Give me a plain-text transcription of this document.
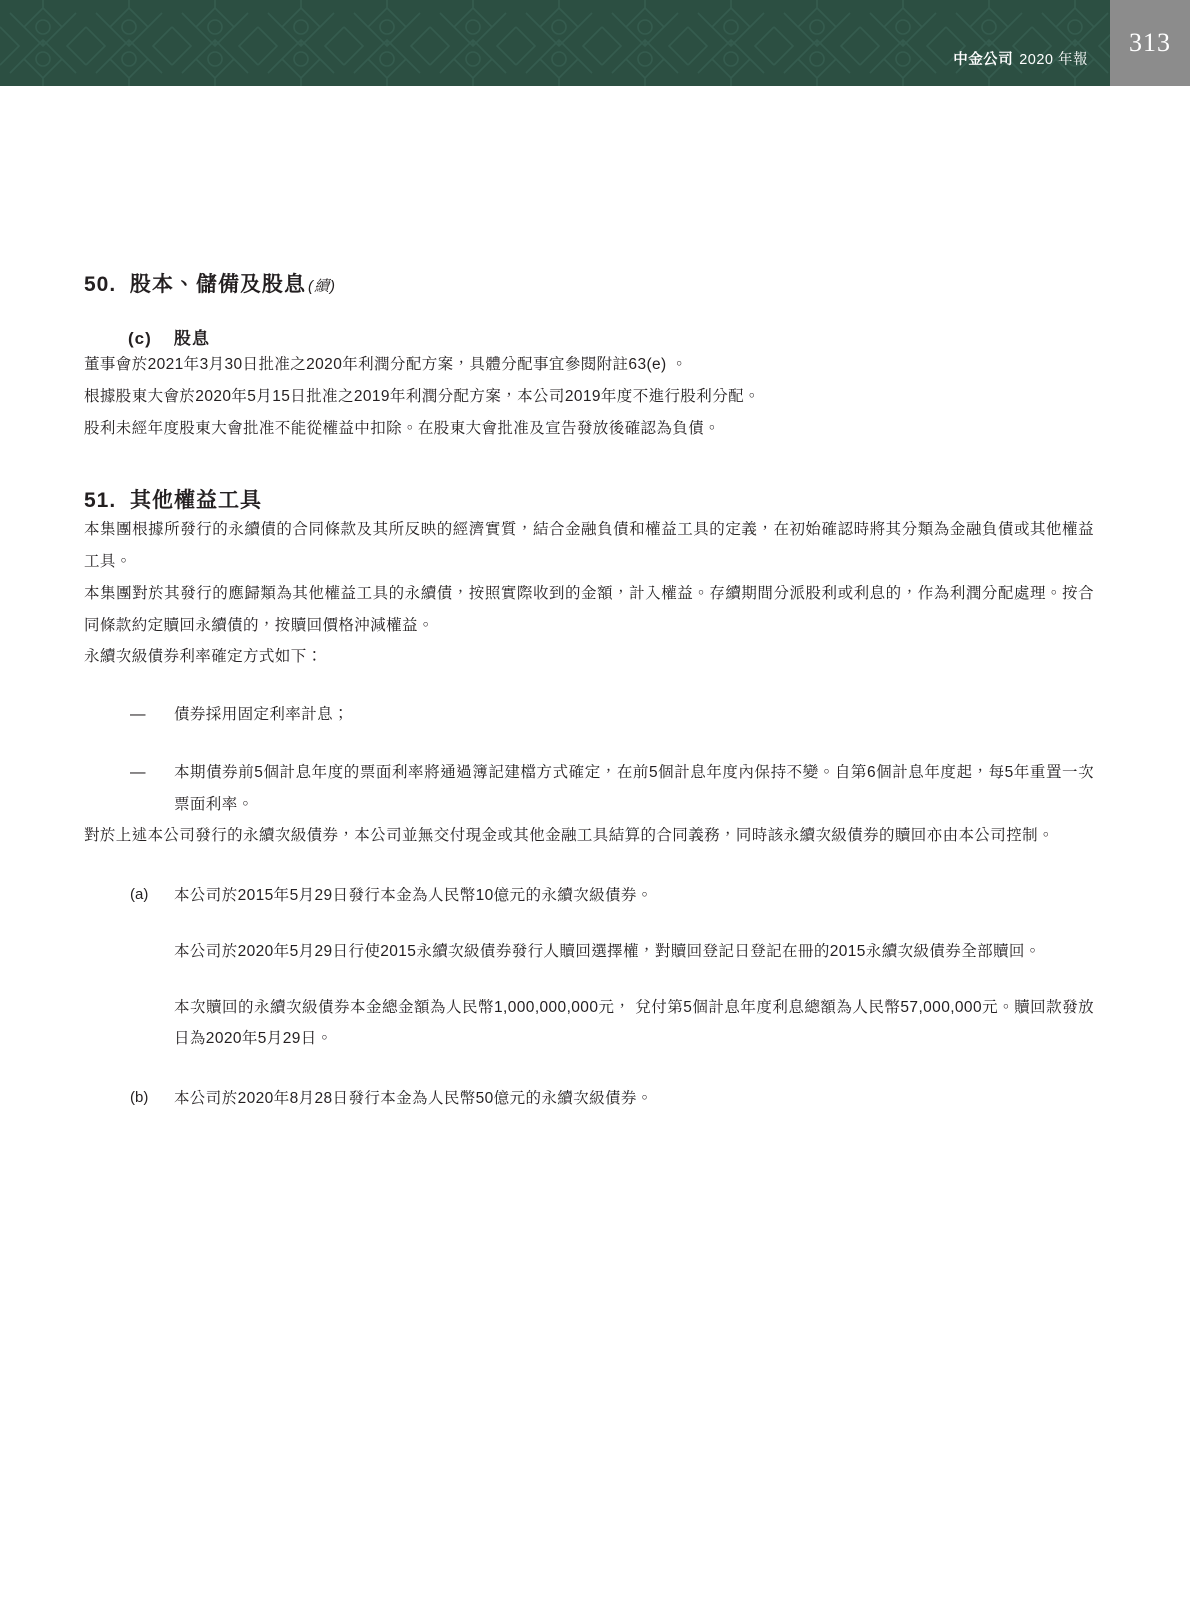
中金公司 2020 年報
313
50. 股本、儲備及股息 (續)
(c)	股息

董事會於2021年3月30日批准之2020年利潤分配方案，具體分配事宜參閱附註63(e) 。

根據股東大會於2020年5月15日批准之2019年利潤分配方案，本公司2019年度不進行股利分配。

股利未經年度股東大會批准不能從權益中扣除。在股東大會批准及宣告發放後確認為負債。

51. 其他權益工具

本集團根據所發行的永續債的合同條款及其所反映的經濟實質，結合金融負債和權益工具的定義，在初始確認時將其分類為金融負債或其他權益工具。

本集團對於其發行的應歸類為其他權益工具的永續債，按照實際收到的金額，計入權益。存續期間分派股利或利息的，作為利潤分配處理。按合同條款約定贖回永續債的，按贖回價格沖減權益。

永續次級債券利率確定方式如下：

—	債券採用固定利率計息；

—	本期債券前5個計息年度的票面利率將通過簿記建檔方式確定，在前5個計息年度內保持不變。自第6個計息年度起，每5年重置一次票面利率。

對於上述本公司發行的永續次級債券，本公司並無交付現金或其他金融工具結算的合同義務，同時該永續次級債券的贖回亦由本公司控制。

(a)	本公司於2015年5月29日發行本金為人民幣10億元的永續次級債券。

本公司於2020年5月29日行使2015永續次級債券發行人贖回選擇權，對贖回登記日登記在冊的2015永續次級債券全部贖回。

本次贖回的永續次級債券本金總金額為人民幣1,000,000,000元， 兌付第5個計息年度利息總額為人民幣57,000,000元。贖回款發放日為2020年5月29日。

(b)	本公司於2020年8月28日發行本金為人民幣50億元的永續次級債券。
